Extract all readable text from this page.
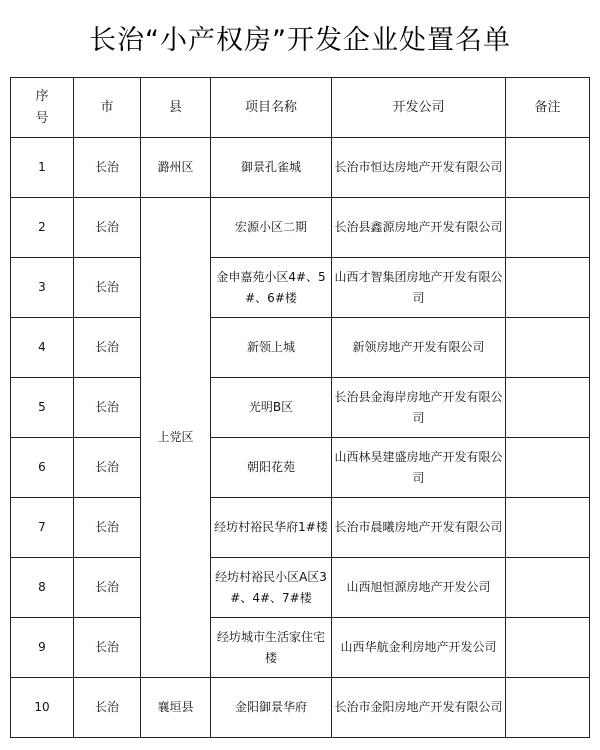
长治“小产权房”开发企业处置名单
序号	市	县	项目名称	开发公司	备注
1	长治	潞州区	御景孔雀城	长治市恒达房地产开发有限公司	
2	长治	上党区	宏源小区二期	长治县鑫源房地产开发有限公司	
3	长治		金申嘉苑小区4#、5#、6#楼	山西才智集团房地产开发有限公司	
4	长治		新领上城	新领房地产开发有限公司	
5	长治		光明B区	长治县金海岸房地产开发有限公司	
6	长治		朝阳花苑	山西林昊建盛房地产开发有限公司	
7	长治		经坊村裕民华府1#楼	长治市晨曦房地产开发有限公司	
8	长治		经坊村裕民小区A区3#、4#、7#楼	山西旭恒源房地产开发公司	
9	长治		经坊城市生活家住宅楼	山西华航金利房地产开发公司	
10	长治	襄垣县	金阳御景华府	长治市金阳房地产开发有限公司	
